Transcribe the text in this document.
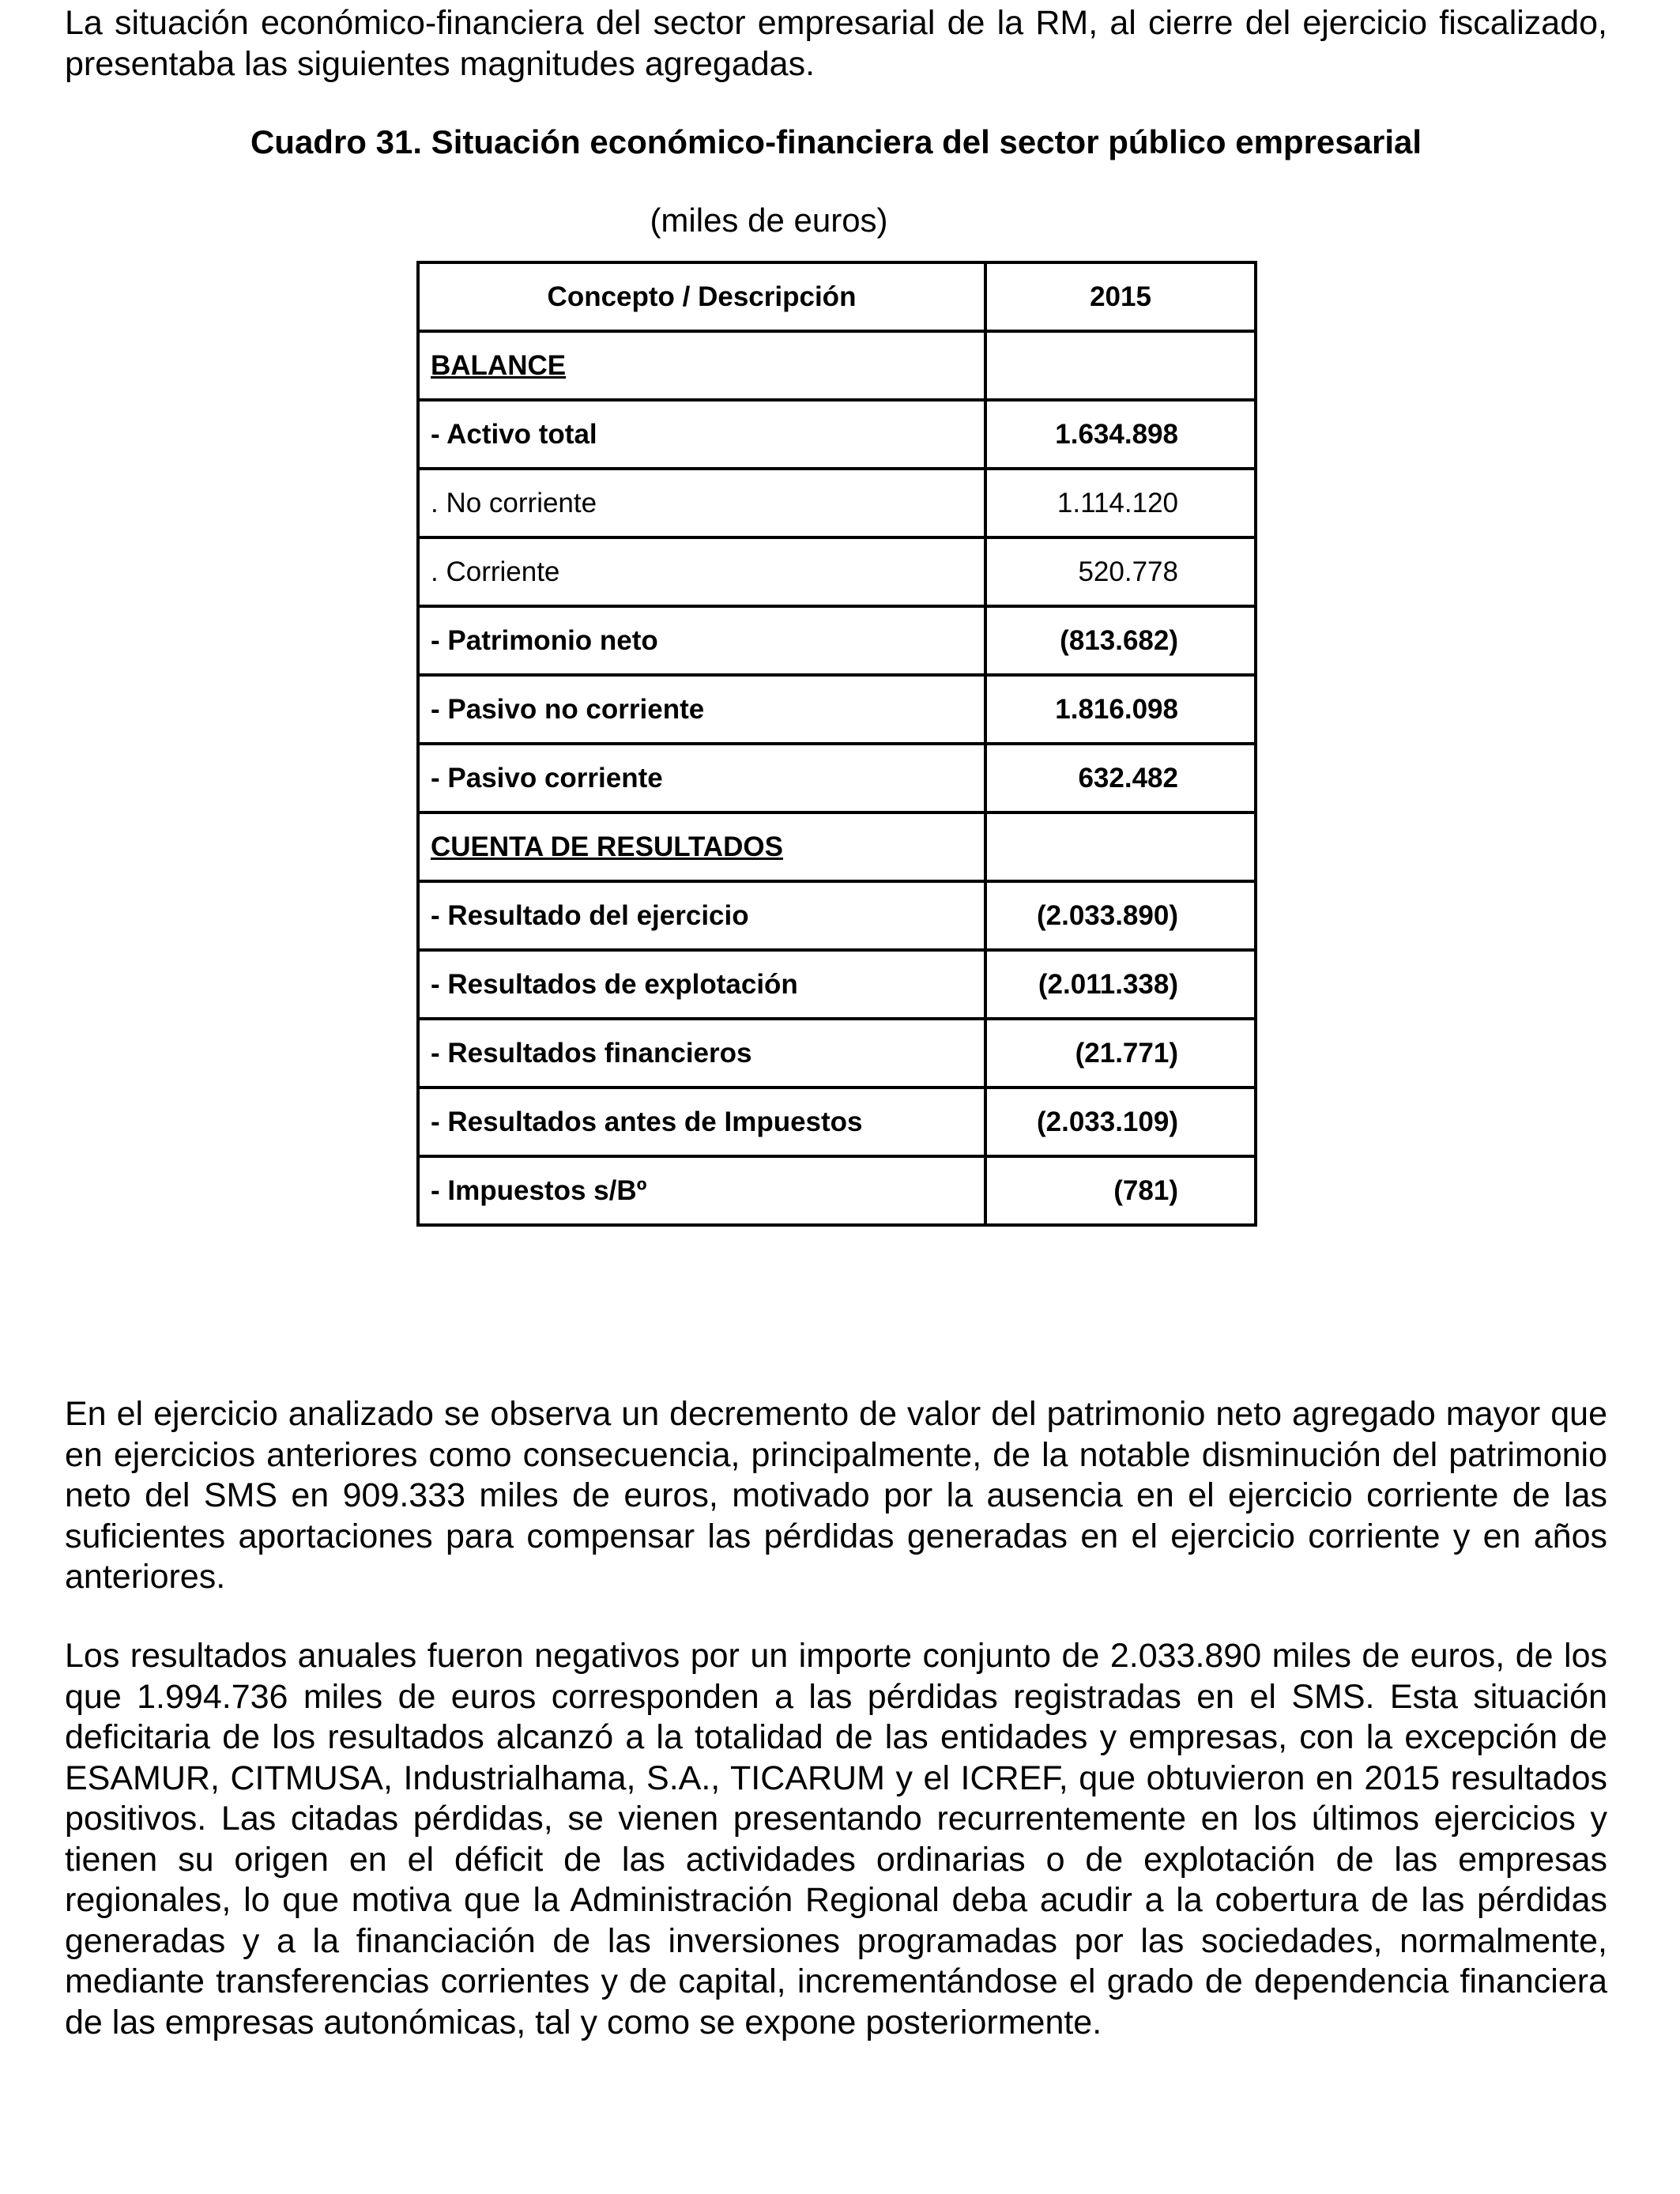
La situación económico-financiera del sector empresarial de la RM, al cierre del ejercicio fiscalizado, presentaba las siguientes magnitudes agregadas.

Cuadro 31. Situación económico-financiera del sector público empresarial

(miles de euros)

Concepto / Descripción	2015
BALANCE	
- Activo total	1.634.898
. No corriente	1.114.120
. Corriente	520.778
- Patrimonio neto	(813.682)
- Pasivo no corriente	1.816.098
- Pasivo corriente	632.482
CUENTA DE RESULTADOS	
- Resultado del ejercicio	(2.033.890)
- Resultados de explotación	(2.011.338)
- Resultados financieros	(21.771)
- Resultados antes de Impuestos	(2.033.109)
- Impuestos s/Bº	(781)

En el ejercicio analizado se observa un decremento de valor del patrimonio neto agregado mayor que en ejercicios anteriores como consecuencia, principalmente, de la notable disminución del patrimonio neto del SMS en 909.333 miles de euros, motivado por la ausencia en el ejercicio corriente de las suficientes aportaciones para compensar las pérdidas generadas en el ejercicio corriente y en años anteriores.

Los resultados anuales fueron negativos por un importe conjunto de 2.033.890 miles de euros, de los que 1.994.736 miles de euros corresponden a las pérdidas registradas en el SMS. Esta situación deficitaria de los resultados alcanzó a la totalidad de las entidades y empresas, con la excepción de ESAMUR, CITMUSA, Industrialhama, S.A., TICARUM y el ICREF, que obtuvieron en 2015 resultados positivos. Las citadas pérdidas, se vienen presentando recurrentemente en los últimos ejercicios y tienen su origen en el déficit de las actividades ordinarias o de explotación de las empresas regionales, lo que motiva que la Administración Regional deba acudir a la cobertura de las pérdidas generadas y a la financiación de las inversiones programadas por las sociedades, normalmente, mediante transferencias corrientes y de capital, incrementándose el grado de dependencia financiera de las empresas autonómicas, tal y como se expone posteriormente.
